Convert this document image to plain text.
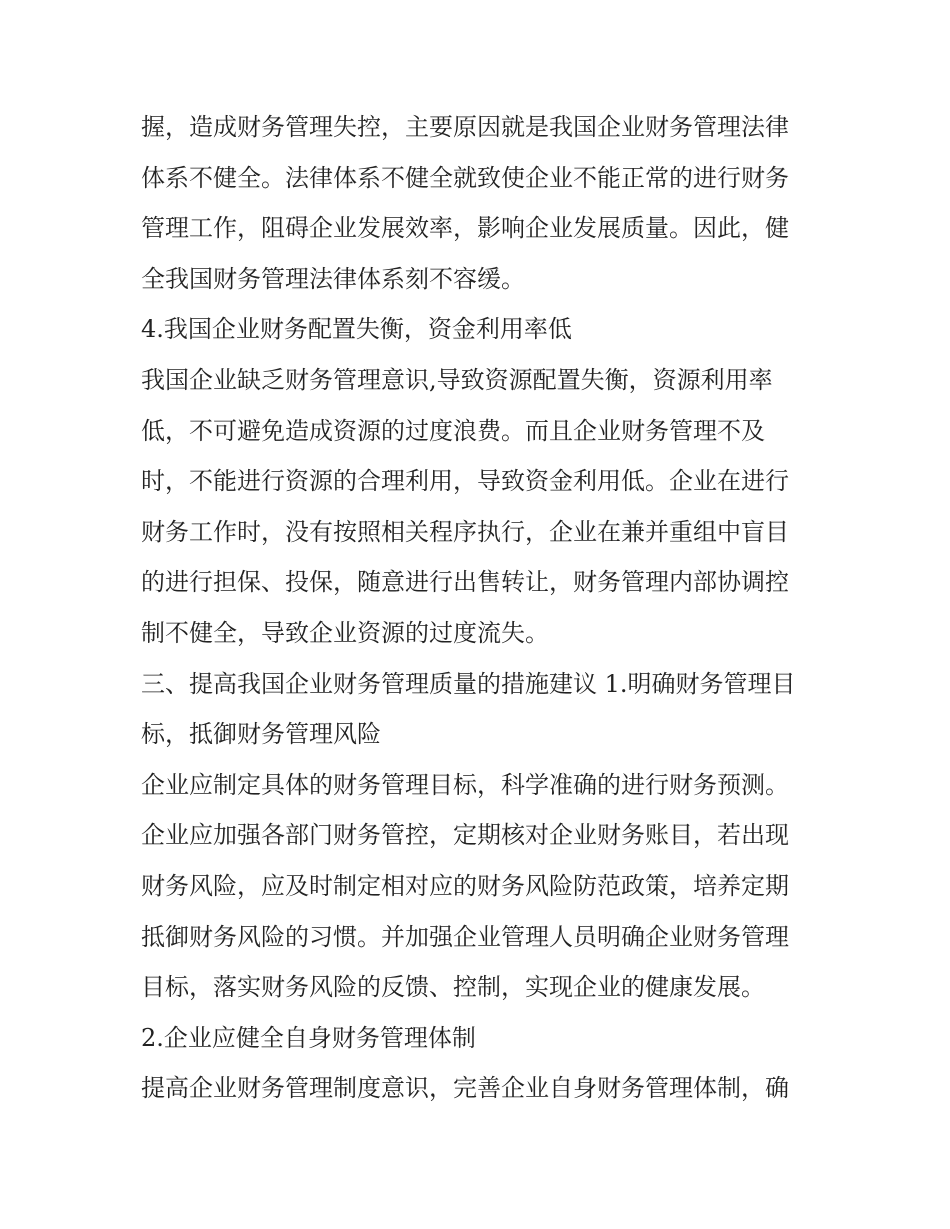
握，造成财务管理失控，主要原因就是我国企业财务管理法律
体系不健全。法律体系不健全就致使企业不能正常的进行财务
管理工作，阻碍企业发展效率，影响企业发展质量。因此，健
全我国财务管理法律体系刻不容缓。
4.我国企业财务配置失衡，资金利用率低
我国企业缺乏财务管理意识,导致资源配置失衡，资源利用率
低，不可避免造成资源的过度浪费。而且企业财务管理不及
时，不能进行资源的合理利用，导致资金利用低。企业在进行
财务工作时，没有按照相关程序执行，企业在兼并重组中盲目
的进行担保、投保，随意进行出售转让，财务管理内部协调控
制不健全，导致企业资源的过度流失。
三、提高我国企业财务管理质量的措施建议 1.明确财务管理目
标，抵御财务管理风险
企业应制定具体的财务管理目标，科学准确的进行财务预测。
企业应加强各部门财务管控，定期核对企业财务账目，若出现
财务风险，应及时制定相对应的财务风险防范政策，培养定期
抵御财务风险的习惯。并加强企业管理人员明确企业财务管理
目标，落实财务风险的反馈、控制，实现企业的健康发展。
2.企业应健全自身财务管理体制
提高企业财务管理制度意识，完善企业自身财务管理体制，确
